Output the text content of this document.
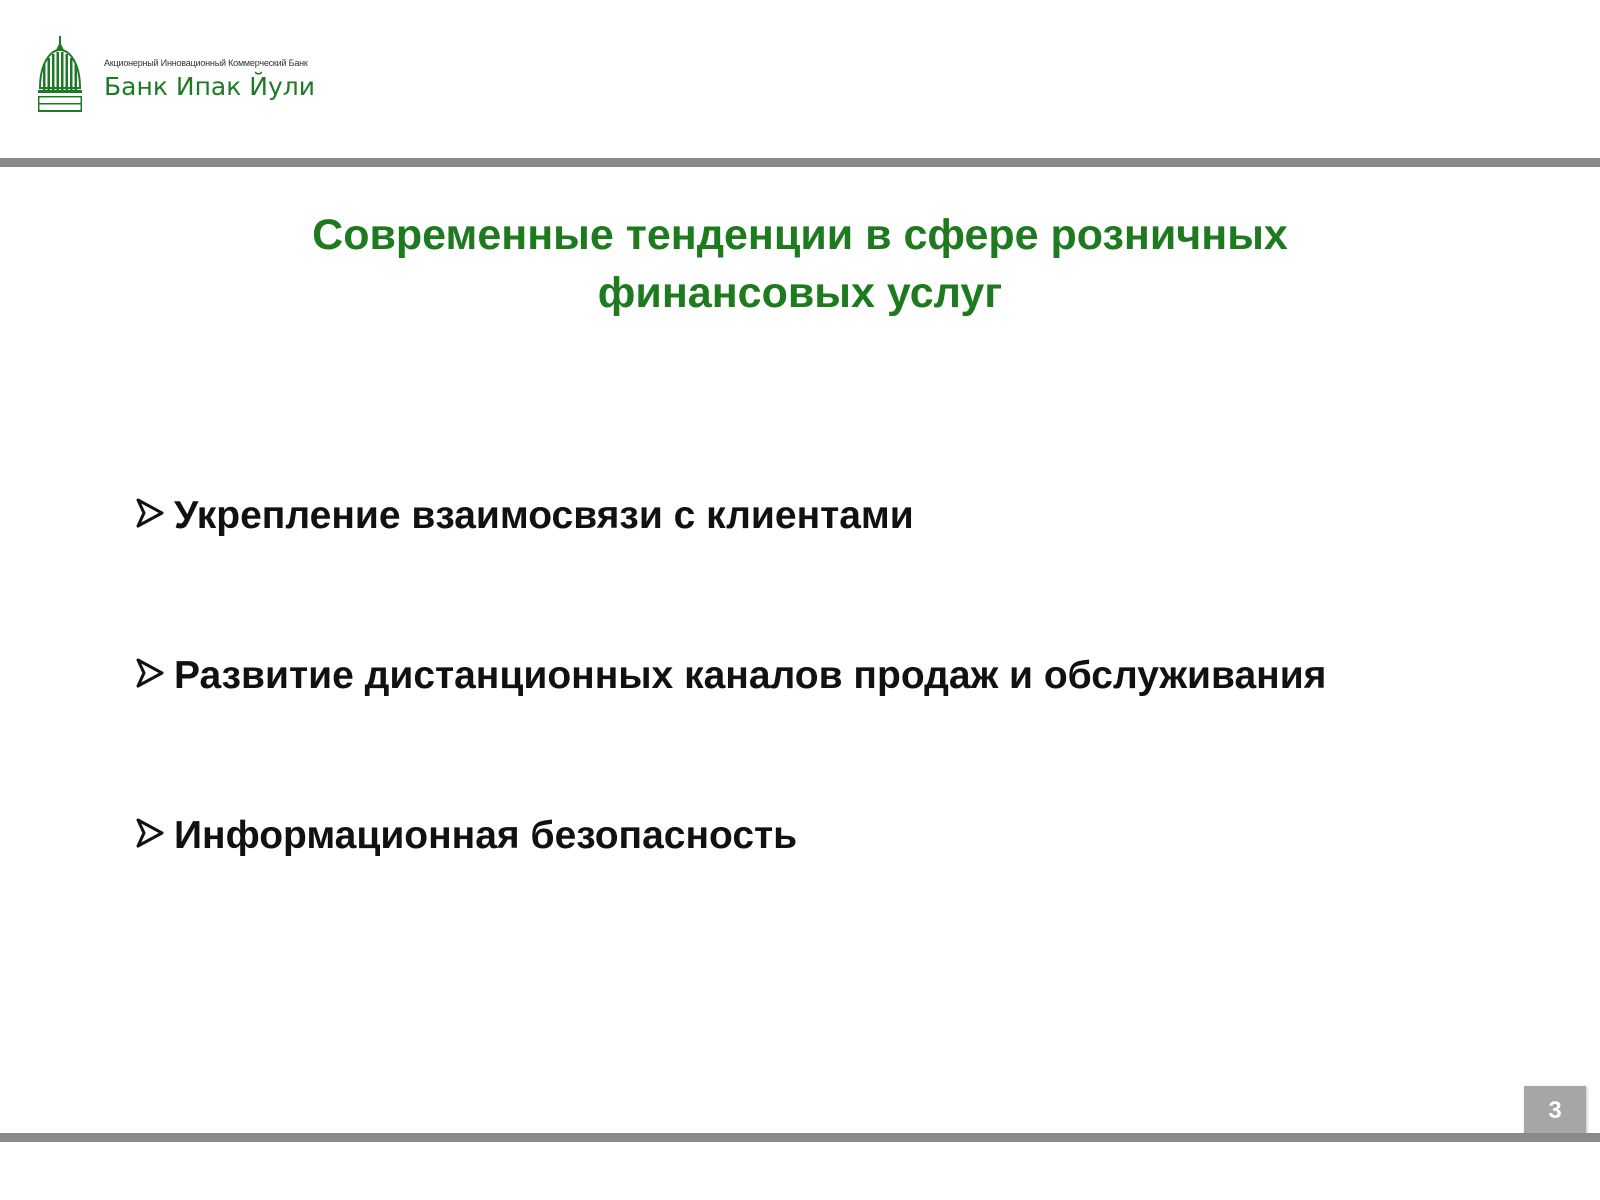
Акционерный Инновационный Коммерческий Банк
Банк Ипак Йули
Современные тенденции в сфере розничных финансовых услуг
Укрепление взаимосвязи с клиентами
Развитие дистанционных каналов продаж и обслуживания
Информационная безопасность
3
